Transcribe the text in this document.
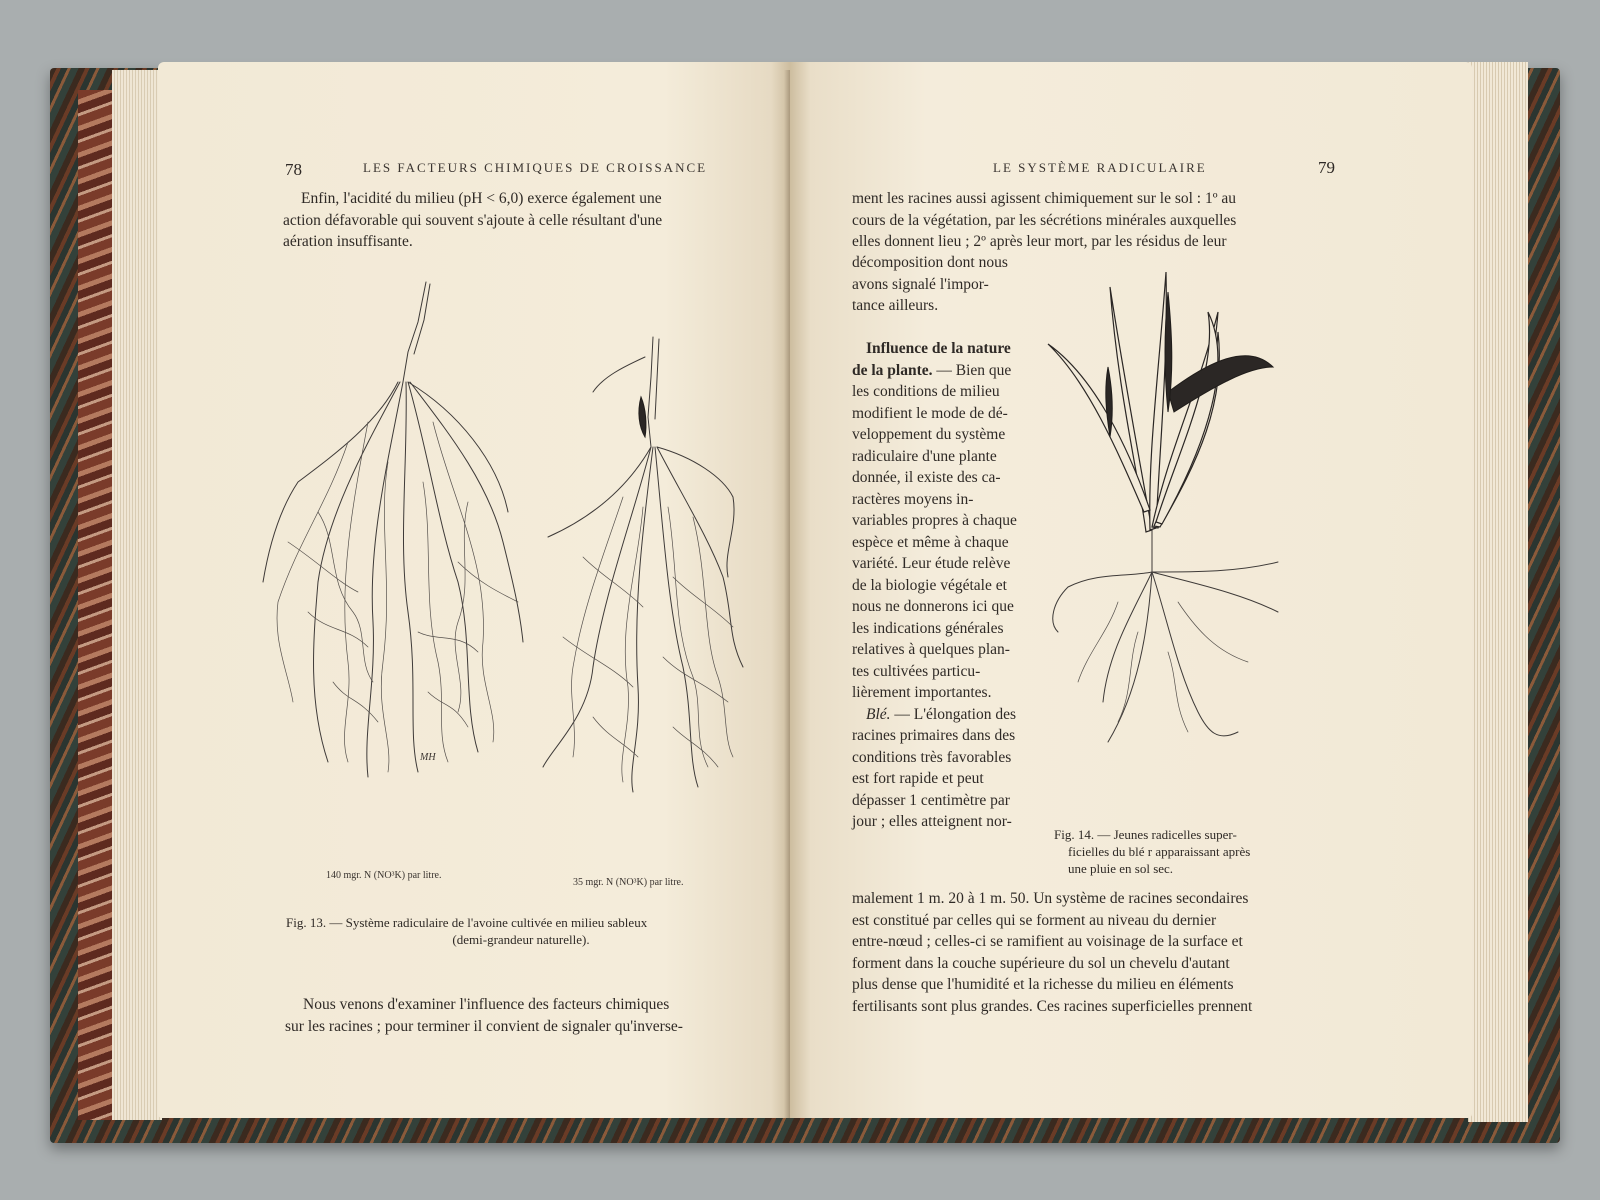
78	LES FACTEURS CHIMIQUES DE CROISSANCE
Enfin, l'acidité du milieu (pH < 6,0) exerce également une
action défavorable qui souvent s'ajoute à celle résultant d'une
aération insuffisante.
MH
140 mgr. N (NO³K) par litre.
35 mgr. N (NO³K) par litre.
Fig. 13. — Système radiculaire de l'avoine cultivée en milieu sableux
(demi-grandeur naturelle).
Nous venons d'examiner l'influence des facteurs chimiques
sur les racines ; pour terminer il convient de signaler qu'inverse-
LE SYSTÈME RADICULAIRE	79
ment les racines aussi agissent chimiquement sur le sol : 1º au
cours de la végétation, par les sécrétions minérales auxquelles
elles donnent lieu ; 2º après leur mort, par les résidus de leur
décomposition dont nous
avons signalé l'impor-
tance ailleurs.
Influence de la nature
de la plante. — Bien que
les conditions de milieu
modifient le mode de dé-
veloppement du système
radiculaire d'une plante
donnée, il existe des ca-
ractères moyens in-
variables propres à chaque
espèce et même à chaque
variété. Leur étude relève
de la biologie végétale et
nous ne donnerons ici que
les indications générales
relatives à quelques plan-
tes cultivées particu-
lièrement importantes.
Blé. — L'élongation des
racines primaires dans des
conditions très favorables
est fort rapide et peut
dépasser 1 centimètre par
jour ; elles atteignent nor-
Fig. 14. — Jeunes radicelles super-
ficielles du blé r apparaissant après
une pluie en sol sec.
malement 1 m. 20 à 1 m. 50. Un système de racines secondaires
est constitué par celles qui se forment au niveau du dernier
entre-nœud ; celles-ci se ramifient au voisinage de la surface et
forment dans la couche supérieure du sol un chevelu d'autant
plus dense que l'humidité et la richesse du milieu en éléments
fertilisants sont plus grandes. Ces racines superficielles prennent
